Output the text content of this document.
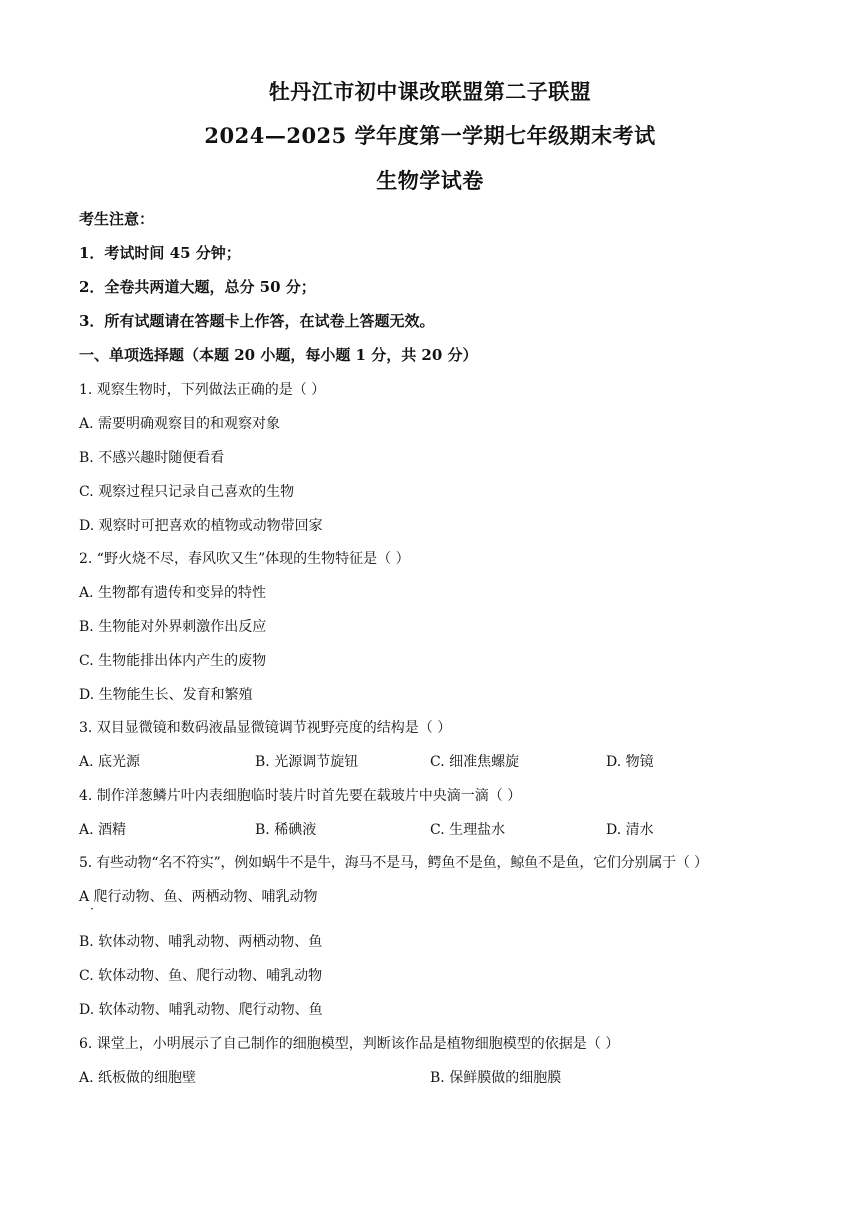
牡丹江市初中课改联盟第二子联盟
2024—2025 学年度第一学期七年级期末考试
生物学试卷
考生注意：
1．考试时间 45 分钟；
2．全卷共两道大题，总分 50 分；
3．所有试题请在答题卡上作答，在试卷上答题无效。
一、单项选择题（本题 20 小题，每小题 1 分，共 20 分）
1. 观察生物时，下列做法正确的是（ ）
A. 需要明确观察目的和观察对象
B. 不感兴趣时随便看看
C. 观察过程只记录自己喜欢的生物
D. 观察时可把喜欢的植物或动物带回家
2. “野火烧不尽，春风吹又生”体现的生物特征是（ ）
A. 生物都有遗传和变异的特性
B. 生物能对外界刺激作出反应
C. 生物能排出体内产生的废物
D. 生物能生长、发育和繁殖
3. 双目显微镜和数码液晶显微镜调节视野亮度的结构是（ ）
A. 底光源	B. 光源调节旋钮	C. 细准焦螺旋	D. 物镜
4. 制作洋葱鳞片叶内表细胞临时装片时首先要在载玻片中央滴一滴（ ）
A. 酒精	B. 稀碘液	C. 生理盐水	D. 清水
5. 有些动物“名不符实”，例如蜗牛不是牛，海马不是马，鳄鱼不是鱼，鲸鱼不是鱼，它们分别属于（ ）
A 爬行动物、鱼、两栖动物、哺乳动物
·
B. 软体动物、哺乳动物、两栖动物、鱼
C. 软体动物、鱼、爬行动物、哺乳动物
D. 软体动物、哺乳动物、爬行动物、鱼
6. 课堂上，小明展示了自己制作的细胞模型，判断该作品是植物细胞模型的依据是（ ）
A. 纸板做的细胞壁	B. 保鲜膜做的细胞膜
